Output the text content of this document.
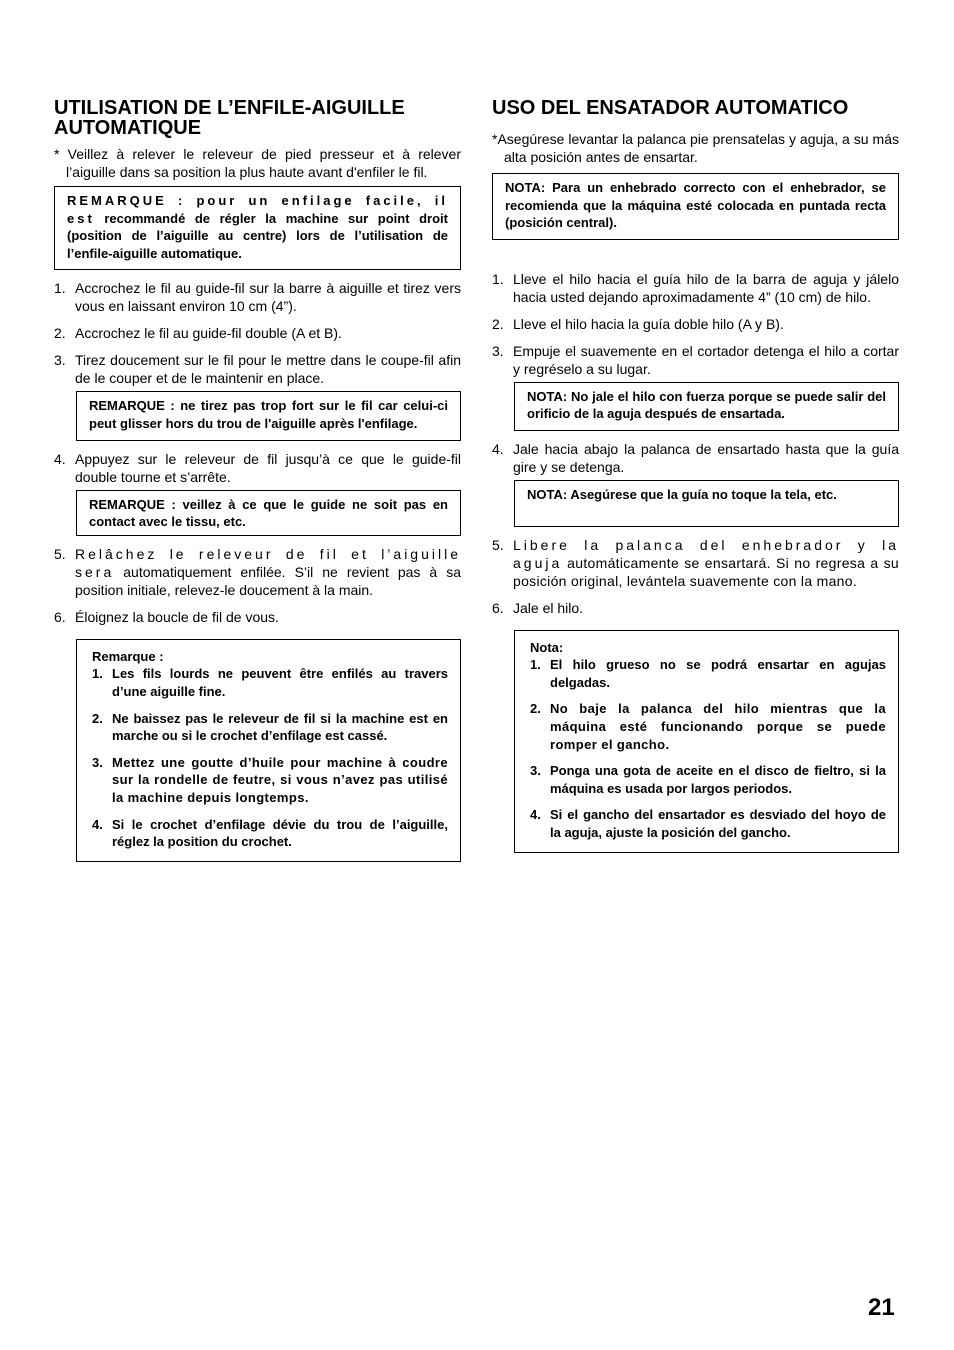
UTILISATION DE L’ENFILE-AIGUILLE
AUTOMATIQUE

* Veillez à relever le releveur de pied presseur et à relever l’aiguille dans sa position la plus haute avant d'enfiler le fil.

REMARQUE : pour un enfilage facile, il est recommandé de régler la machine sur point droit (position de l’aiguille au centre) lors de l’utilisation de l’enfile-aiguille automatique.
1. Accrochez le fil au guide-fil sur la barre à aiguille et tirez vers vous en laissant environ 10 cm (4”).
2. Accrochez le fil au guide-fil double (A et B).
3. Tirez doucement sur le fil pour le mettre dans le coupe-fil afin de le couper et de le maintenir en place.
REMARQUE : ne tirez pas trop fort sur le fil car celui-ci peut glisser hors du trou de l'aiguille après l'enfilage.
4. Appuyez sur le releveur de fil jusqu’à ce que le guide-fil double tourne et s’arrête.
REMARQUE : veillez à ce que le guide ne soit pas en contact avec le tissu, etc.
5. Relâchez le releveur de fil et l’aiguille sera automatiquement enfilée. S’il ne revient pas à sa position initiale, relevez-le doucement à la main.
6. Éloignez la boucle de fil de vous.
Remarque :
1. Les fils lourds ne peuvent être enfilés au travers d’une aiguille fine.
2. Ne baissez pas le releveur de fil si la machine est en marche ou si le crochet d’enfilage est cassé.
3. Mettez une goutte d’huile pour machine à coudre sur la rondelle de feutre, si vous n’avez pas utilisé la machine depuis longtemps.
4. Si le crochet d’enfilage dévie du trou de l’aiguille, réglez la position du crochet.
USO DEL ENSATADOR AUTOMATICO

*Asegúrese levantar la palanca pie prensatelas y aguja, a su más alta posición antes de ensartar.

NOTA: Para un enhebrado correcto con el enhebrador, se recomienda que la máquina esté colocada en puntada recta (posición central).
1. Lleve el hilo hacia el guía hilo de la barra de aguja y jálelo hacia usted dejando aproximadamente 4” (10 cm) de hilo.
2. Lleve el hilo hacia la guía doble hilo (A y B).
3. Empuje el suavemente en el cortador detenga el hilo a cortar y regréselo a su lugar.
NOTA: No jale el hilo con fuerza porque se puede salir del orificio de la aguja después de ensartada.
4. Jale hacia abajo la palanca de ensartado hasta que la guía gire y se detenga.
NOTA: Asegúrese que la guía no toque la tela, etc.
5. Libere la palanca del enhebrador y la aguja automáticamente se ensartará. Si no regresa a su posición original, levántela suavemente con la mano.
6. Jale el hilo.
Nota:
1. El hilo grueso no se podrá ensartar en agujas delgadas.
2. No baje la palanca del hilo mientras que la máquina esté funcionando porque se puede romper el gancho.
3. Ponga una gota de aceite en el disco de fieltro, si la máquina es usada por largos periodos.
4. Si el gancho del ensartador es desviado del hoyo de la aguja, ajuste la posición del gancho.
21
